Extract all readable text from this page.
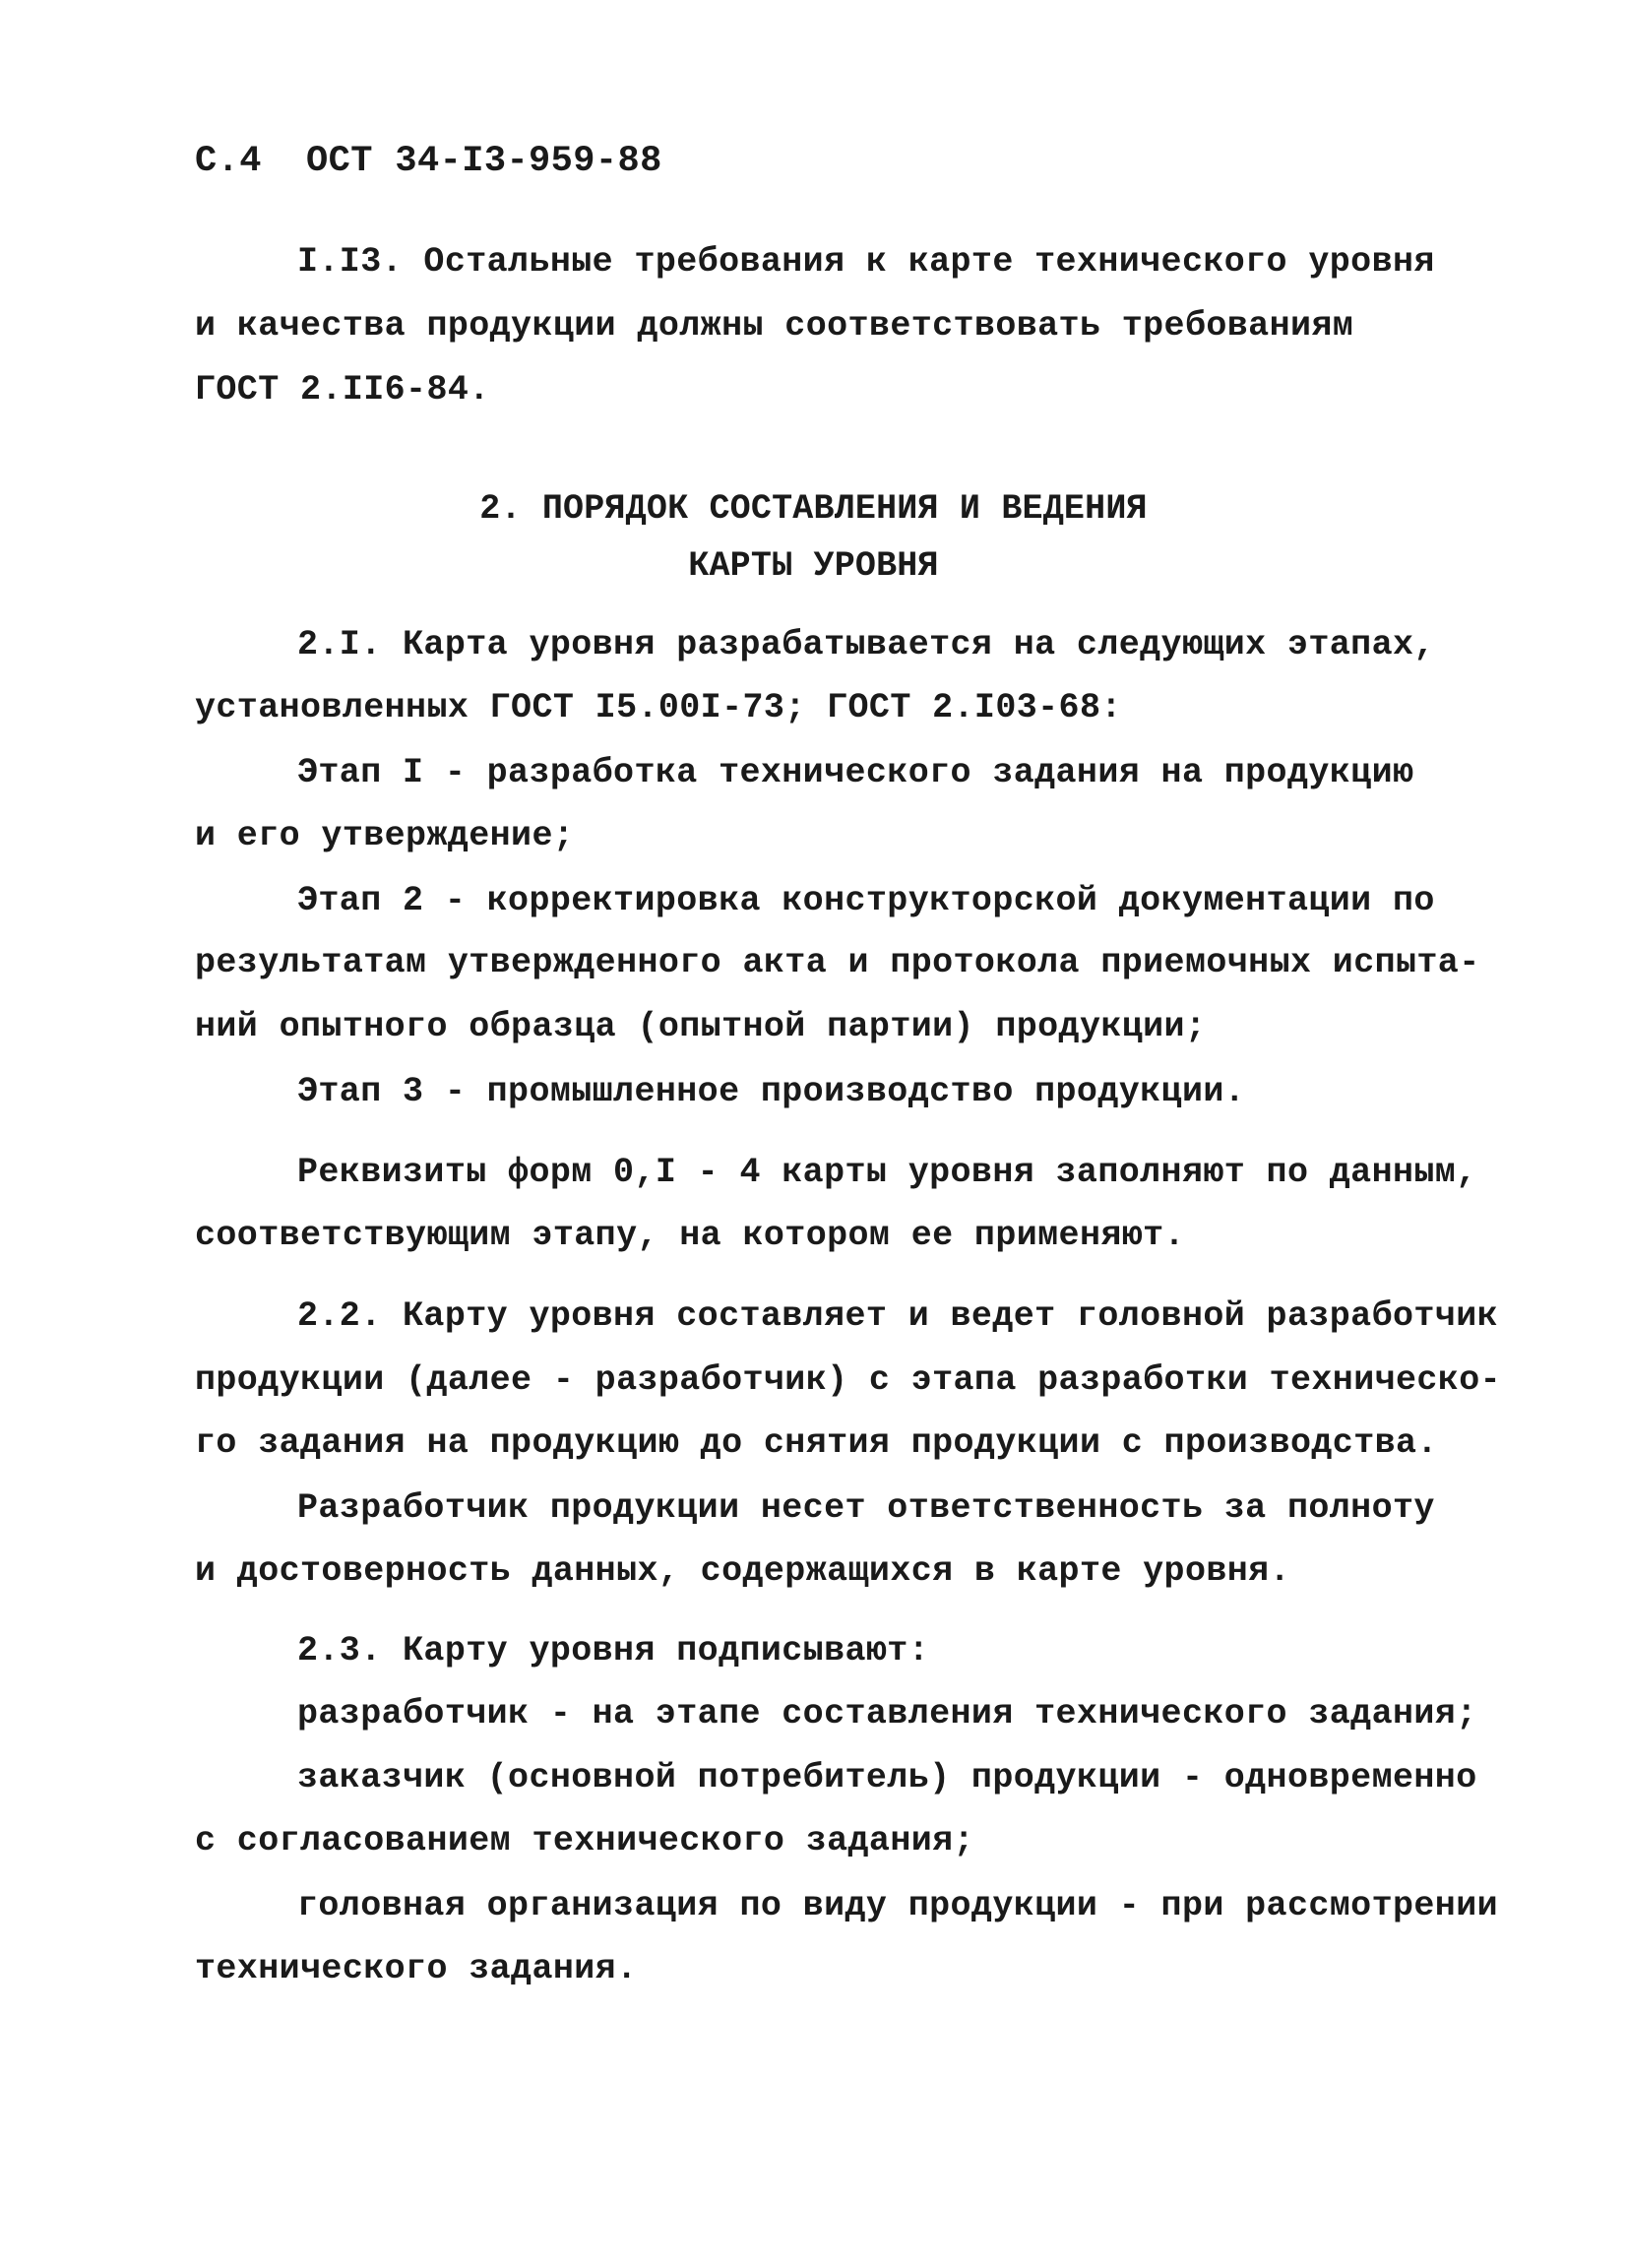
С.4  ОСТ 34-I3-959-88
I.I3. Остальные требования к карте технического уровня
и качества продукции должны соответствовать требованиям
ГОСТ 2.II6-84.
2. ПОРЯДОК СОСТАВЛЕНИЯ И ВЕДЕНИЯ
КАРТЫ УРОВНЯ
2.I. Карта уровня разрабатывается на следующих этапах,
установленных ГОСТ I5.00I-73; ГОСТ 2.I03-68:
Этап I - разработка технического задания на продукцию
и его утверждение;
Этап 2 - корректировка конструкторской документации по
результатам утвержденного акта и протокола приемочных испыта-
ний опытного образца (опытной партии) продукции;
Этап 3 - промышленное производство продукции.
Реквизиты форм 0,I - 4 карты уровня заполняют по данным,
соответствующим этапу, на котором ее применяют.
2.2. Карту уровня составляет и ведет головной разработчик
продукции (далее - разработчик) с этапа разработки техническо-
го задания на продукцию до снятия продукции с производства.
Разработчик продукции несет ответственность за полноту
и достоверность данных, содержащихся в карте уровня.
2.3. Карту уровня подписывают:
разработчик - на этапе составления технического задания;
заказчик (основной потребитель) продукции - одновременно
с согласованием технического задания;
головная организация по виду продукции - при рассмотрении
технического задания.
